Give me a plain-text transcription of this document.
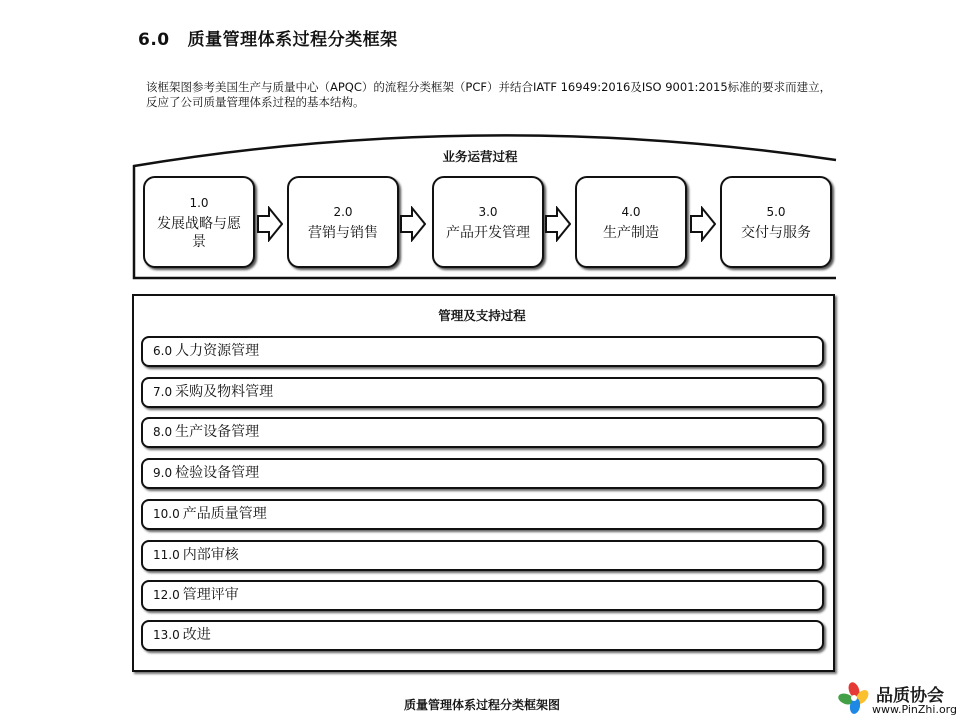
6.0 质量管理体系过程分类框架
该框架图参考美国生产与质量中心（APQC）的流程分类框架（PCF）并结合IATF 16949:2016及ISO 9001:2015标准的要求而建立，
反应了公司质量管理体系过程的基本结构。
业务运营过程
1.0
发展战略与愿景
2.0
营销与销售
3.0
产品开发管理
4.0
生产制造
5.0
交付与服务
管理及支持过程
6.0 人力资源管理
7.0 采购及物料管理
8.0 生产设备管理
9.0 检验设备管理
10.0 产品质量管理
11.0 内部审核
12.0 管理评审
13.0 改进
质量管理体系过程分类框架图	品质协会
www.PinZhi.org
